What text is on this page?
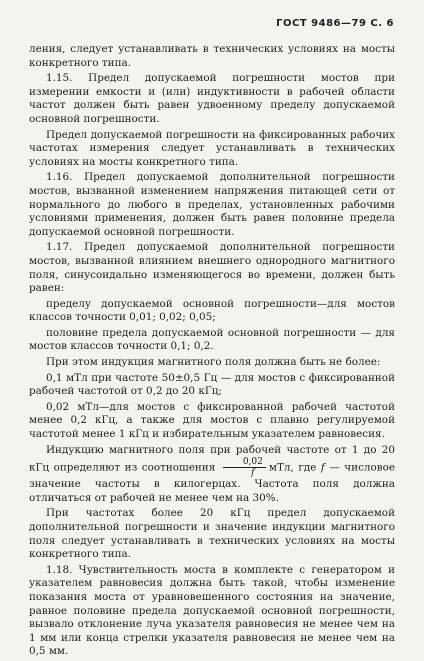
ГОСТ 9486—79 С. 6

ления, следует устанавливать в технических условиях на мосты конкретного типа.

1.15. Предел допускаемой погрешности мостов при измерении емкости и (или) индуктивности в рабочей области частот должен быть равен удвоенному пределу допускаемой основной погрешности.

Предел допускаемой погрешности на фиксированных рабочих частотах измерения следует устанавливать в технических условиях на мосты конкретного типа.

1.16. Предел допускаемой дополнительной погрешности мостов, вызванной изменением напряжения питающей сети от нормального до любого в пределах, установленных рабочими условиями применения, должен быть равен половине предела допускаемой основной погрешности.

1.17. Предел допускаемой дополнительной погрешности мостов, вызванной влиянием внешнего однородного магнитного поля, синусоидально изменяющегося во времени, должен быть равен:

пределу допускаемой основной погрешности—для мостов классов точности 0,01; 0,02; 0,05;

половине предела допускаемой основной погрешности — для мостов классов точности 0,1; 0,2.

При этом индукция магнитного поля должна быть не более:

0,1 мТл при частоте 50±0,5 Гц — для мостов с фиксированной рабочей частотой от 0,2 до 20 кГц;

0,02 мТл—для мостов с фиксированной рабочей частотой менее 0,2 кГц, а также для мостов с плавно регулируемой частотой менее 1 кГц и избирательным указателем равновесия.

Индукцию магнитного поля при рабочей частоте от 1 до 20 кГц определяют из соотношения $\frac{0,02}{f}$ мТл, где f — числовое значение частоты в килогерцах. Частота поля должна отличаться от рабочей не менее чем на 30%.

При частотах более 20 кГц предел допускаемой дополнительной погрешности и значение индукции магнитного поля следует устанавливать в технических условиях на мосты конкретного типа.

1.18. Чувствительность моста в комплекте с генератором и указателем равновесия должна быть такой, чтобы изменение показания моста от уравновешенного состояния на значение, равное половине предела допускаемой основной погрешности, вызвало отклонение луча указателя равновесия не менее чем на 1 мм или конца стрелки указателя равновесия не менее чем на 0,5 мм.
